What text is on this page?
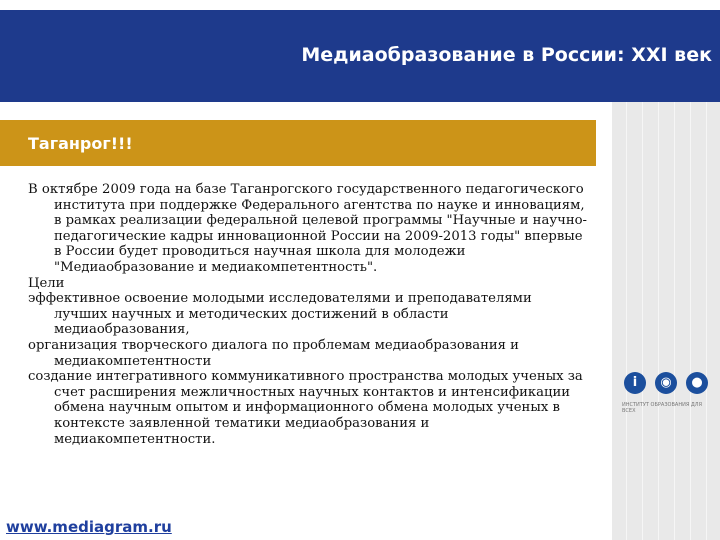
Медиаобразование в России: XXI век
Таганрог!!!

В октябре 2009 года на базе Таганрогского государственного педагогического института при поддержке Федерального агентства по науке и инновациям, в рамках реализации федеральной целевой программы "Научные и научно-педагогические кадры инновационной России на 2009-2013 годы" впервые в России будет проводиться научная школа для молодежи "Медиаобразование и медиакомпетентность".

Цели

эффективное освоение молодыми исследователями и преподавателями лучших научных и методических достижений в области медиаобразования,

организация творческого диалога по проблемам медиаобразования и медиакомпетентности

создание интегративного коммуникативного пространства молодых ученых за счет расширения межличностных научных контактов и интенсификации обмена научным опытом и информационного обмена молодых ученых в контексте заявленной тематики медиаобразования и медиакомпетентности.

i	◉	●
ИНСТИТУТ ОБРАЗОВАНИЯ ДЛЯ ВСЕХ
www.mediagram.ru
